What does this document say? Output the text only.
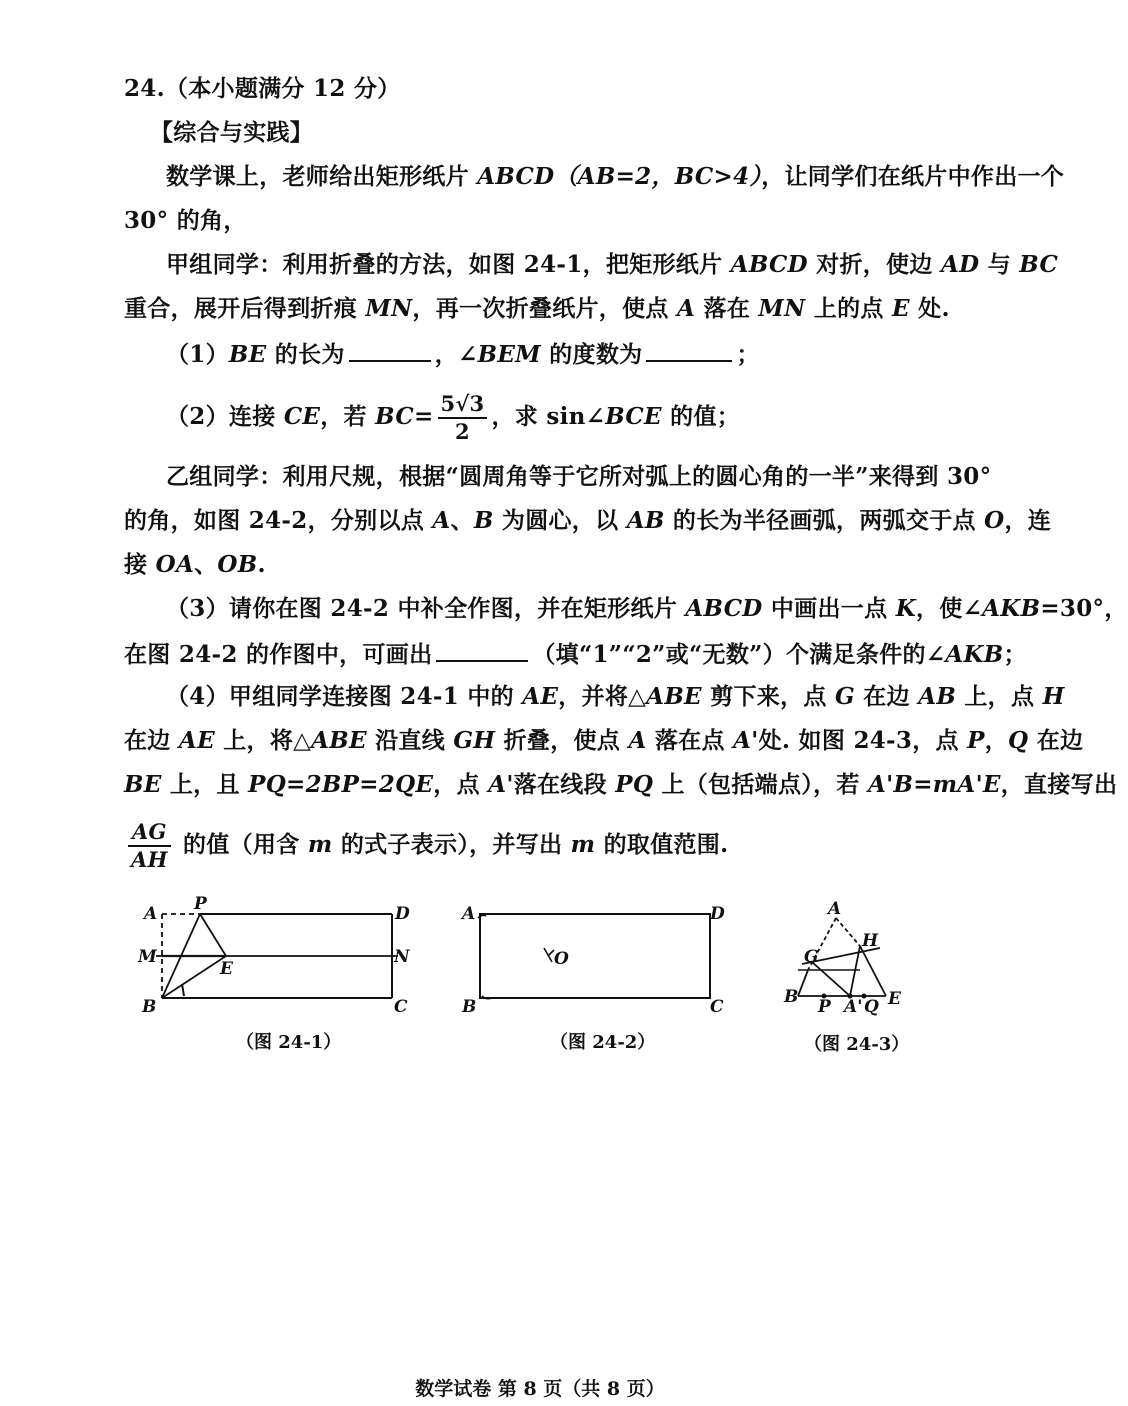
24.（本小题满分 12 分）
【综合与实践】
数学课上，老师给出矩形纸片 ABCD（AB=2，BC>4），让同学们在纸片中作出一个
30° 的角，
甲组同学：利用折叠的方法，如图 24-1，把矩形纸片 ABCD 对折，使边 AD 与 BC
重合，展开后得到折痕 MN，再一次折叠纸片，使点 A 落在 MN 上的点 E 处.
（1）BE 的长为	，∠BEM 的度数为	；
（2）连接 CE，若 $BC= \frac{5√3}{2}$ ，求 sin∠BCE 的值；
乙组同学：利用尺规，根据“圆周角等于它所对弧上的圆心角的一半”来得到 30°
的角，如图 24-2，分别以点 A、B 为圆心，以 AB 的长为半径画弧，两弧交于点 O，连
接 OA、OB.
（3）请你在图 24-2 中补全作图，并在矩形纸片 ABCD 中画出一点 K，使∠AKB=30°，
在图 24-2 的作图中，可画出	（填“1”“2”或“无数”）个满足条件的∠AKB；
（4）甲组同学连接图 24-1 中的 AE，并将△ABE 剪下来，点 G 在边 AB 上，点 H
在边 AE 上，将△ABE 沿直线 GH 折叠，使点 A 落在点 A'处. 如图 24-3，点 P，Q 在边
BE 上，且 PQ=2BP=2QE，点 A'落在线段 PQ 上（包括端点），若 A'B=mA'E，直接写出
$\frac{AG}{AH}$ 的值（用含 m 的式子表示），并写出 m 的取值范围.
A P	D
M	N
E
B	C
（图 24-1）
A	D
O
B	C
（图 24-2）
A
G
H
B P A' Q E
（图 24-3）
数学试卷 第 8 页（共 8 页）
